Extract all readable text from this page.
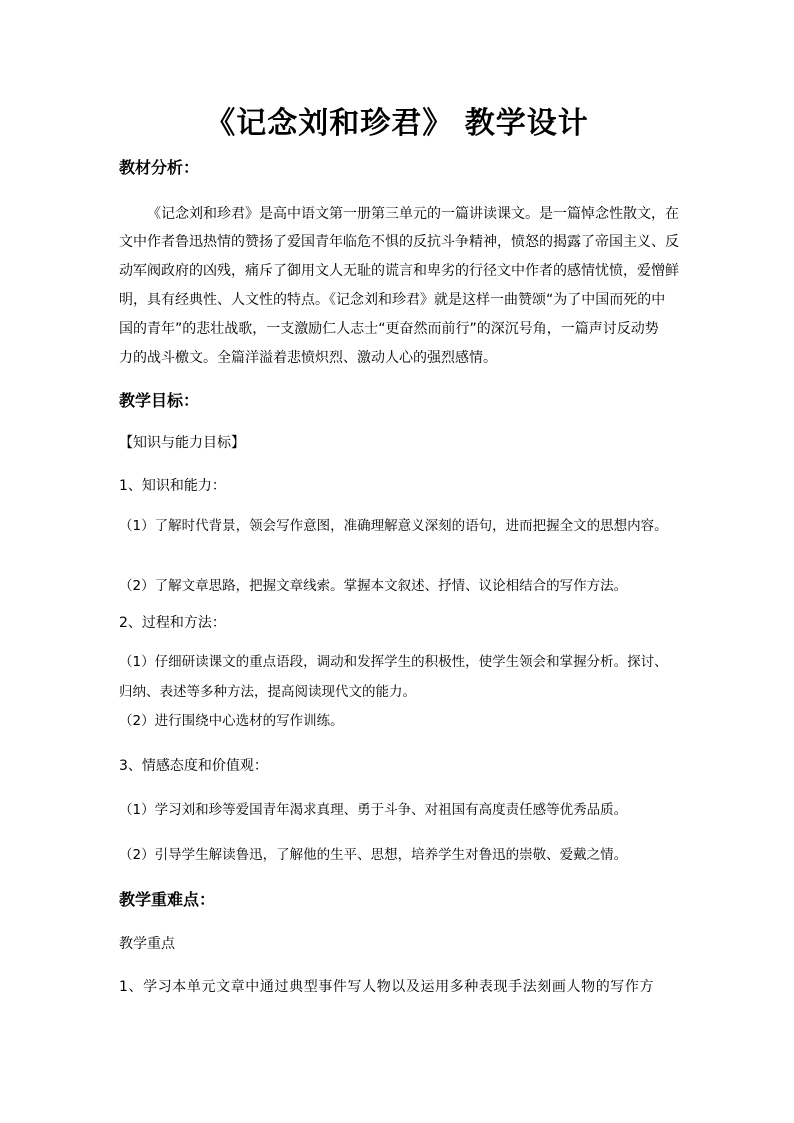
《记念刘和珍君》 教学设计
教材分析：
《记念刘和珍君》是高中语文第一册第三单元的一篇讲读课文。是一篇悼念性散文，在
文中作者鲁迅热情的赞扬了爱国青年临危不惧的反抗斗争精神，愤怒的揭露了帝国主义、反
动军阀政府的凶残，痛斥了御用文人无耻的谎言和卑劣的行径文中作者的感情忧愤，爱憎鲜
明，具有经典性、人文性的特点。《记念刘和珍君》就是这样一曲赞颂“为了中国而死的中
国的青年”的悲壮战歌，一支激励仁人志士“更奋然而前行”的深沉号角，一篇声讨反动势
力的战斗檄文。全篇洋溢着悲愤炽烈、激动人心的强烈感情。
教学目标：
【知识与能力目标】
1、知识和能力：
（1）了解时代背景，领会写作意图，准确理解意义深刻的语句，进而把握全文的思想内容。
（2）了解文章思路，把握文章线索。掌握本文叙述、抒情、议论相结合的写作方法。
2、过程和方法：
（1）仔细研读课文的重点语段，调动和发挥学生的积极性，使学生领会和掌握分析。探讨、
归纳、表述等多种方法，提高阅读现代文的能力。
（2）进行围绕中心选材的写作训练。
3、情感态度和价值观：
（1）学习刘和珍等爱国青年渴求真理、勇于斗争、对祖国有高度责任感等优秀品质。
（2）引导学生解读鲁迅，了解他的生平、思想，培养学生对鲁迅的崇敬、爱戴之情。
教学重难点：
教学重点
1、学习本单元文章中通过典型事件写人物以及运用多种表现手法刻画人物的写作方
